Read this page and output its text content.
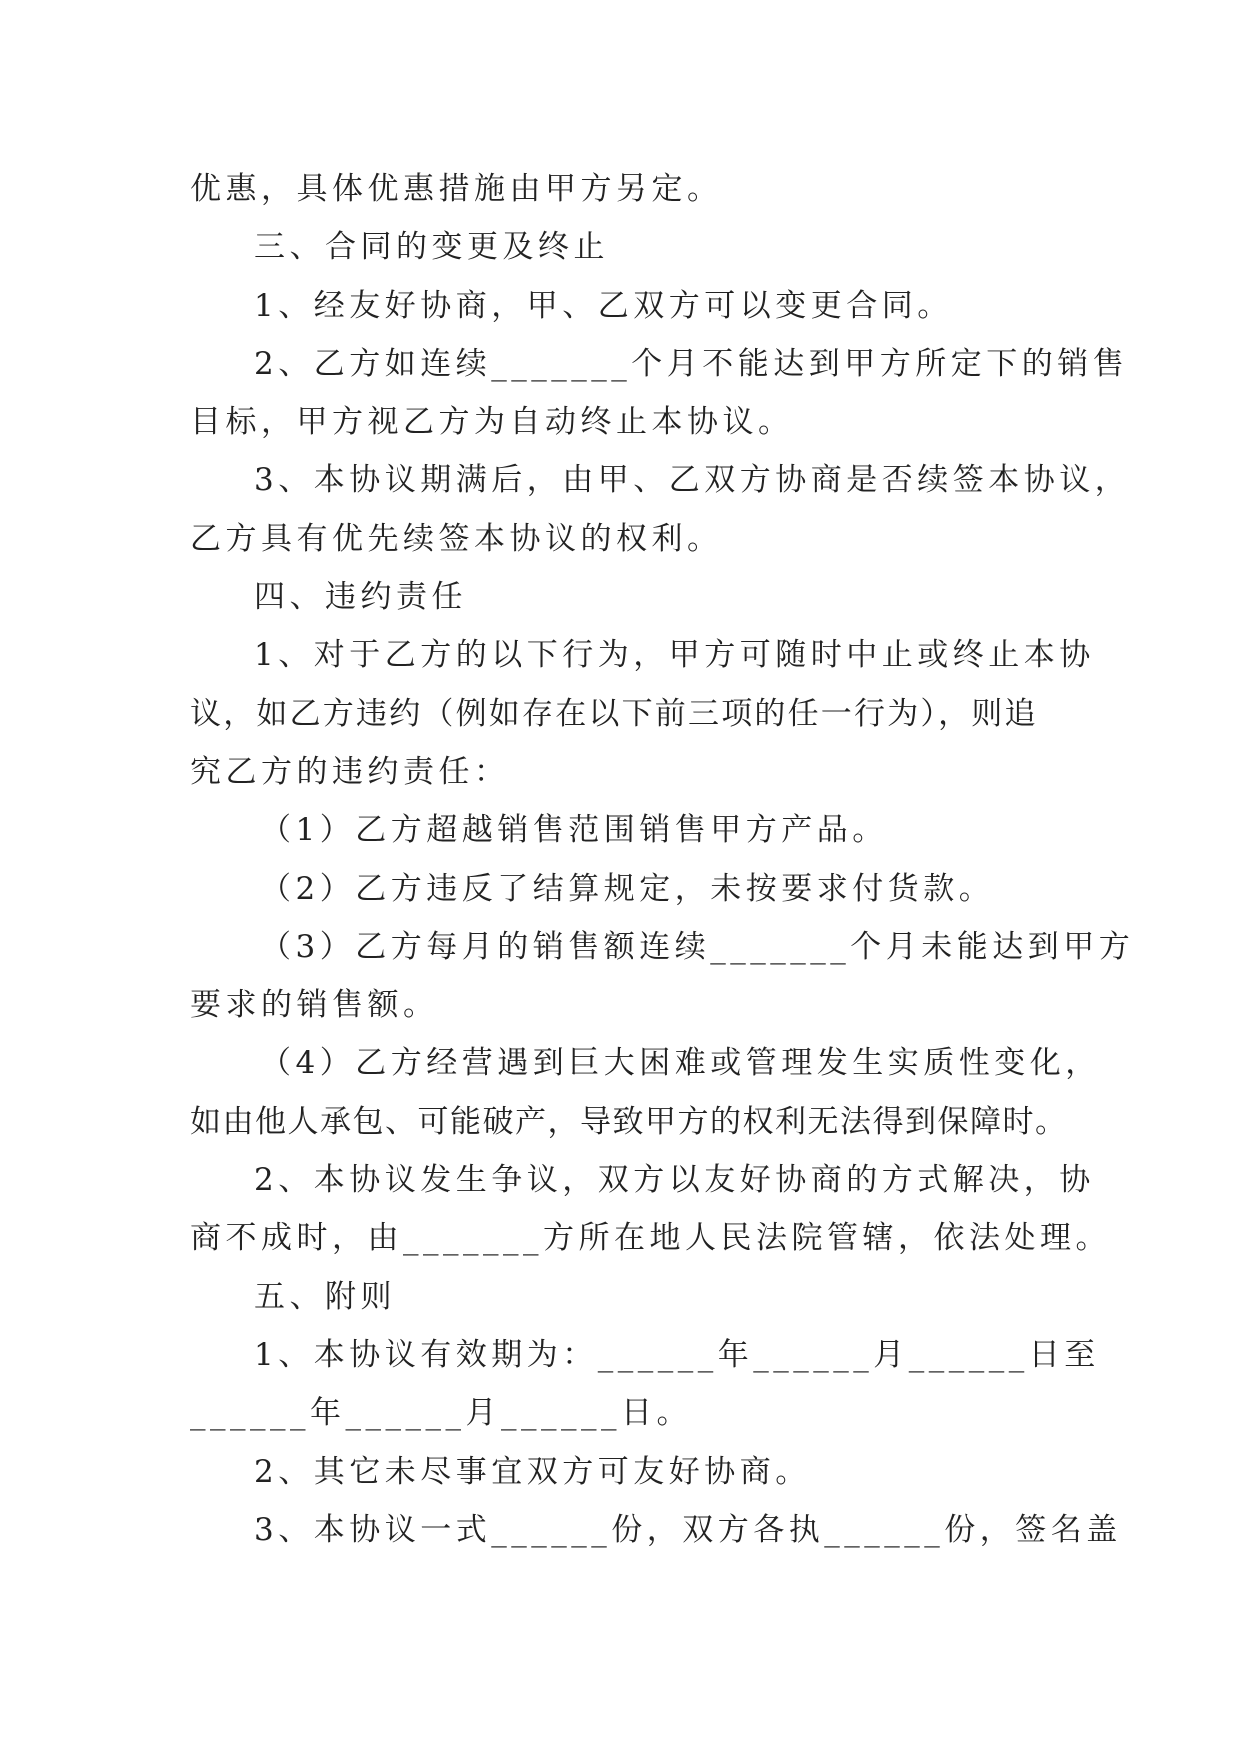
优惠，具体优惠措施由甲方另定。
三、合同的变更及终止
1、经友好协商，甲、乙双方可以变更合同。
2、乙方如连续_______个月不能达到甲方所定下的销售
目标，甲方视乙方为自动终止本协议。
3、本协议期满后，由甲、乙双方协商是否续签本协议，
乙方具有优先续签本协议的权利。
四、违约责任
1、对于乙方的以下行为，甲方可随时中止或终止本协
议，如乙方违约（例如存在以下前三项的任一行为），则追
究乙方的违约责任：
（1）乙方超越销售范围销售甲方产品。
（2）乙方违反了结算规定，未按要求付货款。
（3）乙方每月的销售额连续_______个月未能达到甲方
要求的销售额。
（4）乙方经营遇到巨大困难或管理发生实质性变化，
如由他人承包、可能破产，导致甲方的权利无法得到保障时。
2、本协议发生争议，双方以友好协商的方式解决，协
商不成时，由_______方所在地人民法院管辖，依法处理。
五、附则
1、本协议有效期为：______年______月______日至
______年______月______日。
2、其它未尽事宜双方可友好协商。
3、本协议一式______份，双方各执______份，签名盖
